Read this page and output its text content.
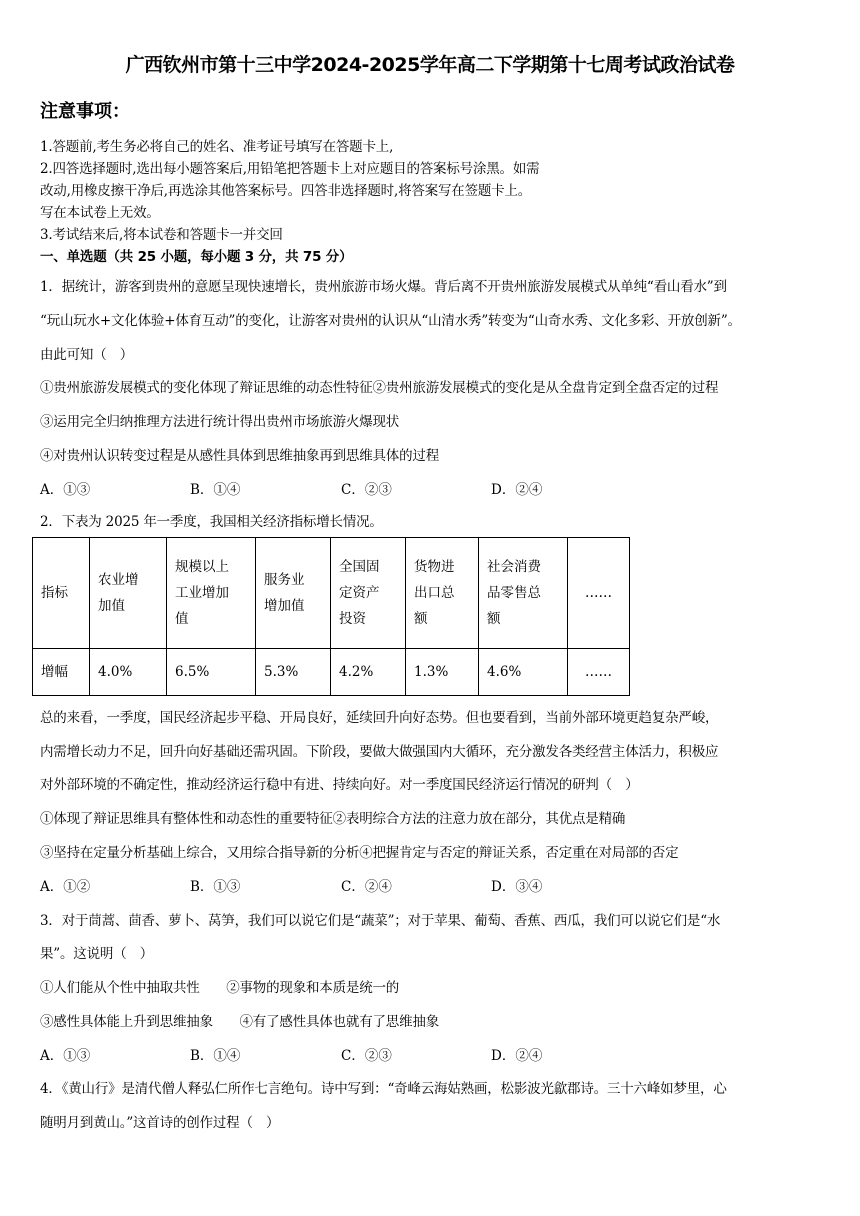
广西钦州市第十三中学2024-2025学年高二下学期第十七周考试政治试卷
注意事项：
1.答题前,考生务必将自己的姓名、准考证号填写在答题卡上,
2.四答选择题时,选出每小题答案后,用铅笔把答题卡上对应题目的答案标号涂黑。如需
改动,用橡皮擦干净后,再选涂其他答案标号。四答非选择题时,将答案写在签题卡上。
写在本试卷上无效。
3.考试结来后,将本试卷和答题卡一并交回
一、单选题（共 25 小题，每小题 3 分，共 75 分）
1．据统计，游客到贵州的意愿呈现快速增长，贵州旅游市场火爆。背后离不开贵州旅游发展模式从单纯“看山看水”到
“玩山玩水+文化体验+体育互动”的变化，让游客对贵州的认识从“山清水秀”转变为“山奇水秀、文化多彩、开放创新”。
由此可知（　）
①贵州旅游发展模式的变化体现了辩证思维的动态性特征②贵州旅游发展模式的变化是从全盘肯定到全盘否定的过程
③运用完全归纳推理方法进行统计得出贵州市场旅游火爆现状
④对贵州认识转变过程是从感性具体到思维抽象再到思维具体的过程
A．①③	B．①④	C．②③	D．②④
2．下表为 2025 年一季度，我国相关经济指标增长情况。
指标	农业增
加值	规模以上
工业增加
值	服务业
增加值	全国固
定资产
投资	货物进
出口总
额	社会消费
品零售总
额	……
增幅	4.0%	6.5%	5.3%	4.2%	1.3%	4.6%	……
总的来看，一季度，国民经济起步平稳、开局良好，延续回升向好态势。但也要看到，当前外部环境更趋复杂严峻，
内需增长动力不足，回升向好基础还需巩固。下阶段，要做大做强国内大循环，充分激发各类经营主体活力，积极应
对外部环境的不确定性，推动经济运行稳中有进、持续向好。对一季度国民经济运行情况的研判（　）
①体现了辩证思维具有整体性和动态性的重要特征②表明综合方法的注意力放在部分，其优点是精确
③坚持在定量分析基础上综合，又用综合指导新的分析④把握肯定与否定的辩证关系，否定重在对局部的否定
A．①②	B．①③	C．②④	D．③④
3．对于茼蒿、茴香、萝卜、莴笋，我们可以说它们是“蔬菜”；对于苹果、葡萄、香蕉、西瓜，我们可以说它们是“水
果”。这说明（　）
①人们能从个性中抽取共性　　②事物的现象和本质是统一的
③感性具体能上升到思维抽象　　④有了感性具体也就有了思维抽象
A．①③	B．①④	C．②③	D．②④
4．《黄山行》是清代僧人释弘仁所作七言绝句。诗中写到：“奇峰云海姑熟画，松影波光歙郡诗。三十六峰如梦里，心
随明月到黄山。”这首诗的创作过程（　）
